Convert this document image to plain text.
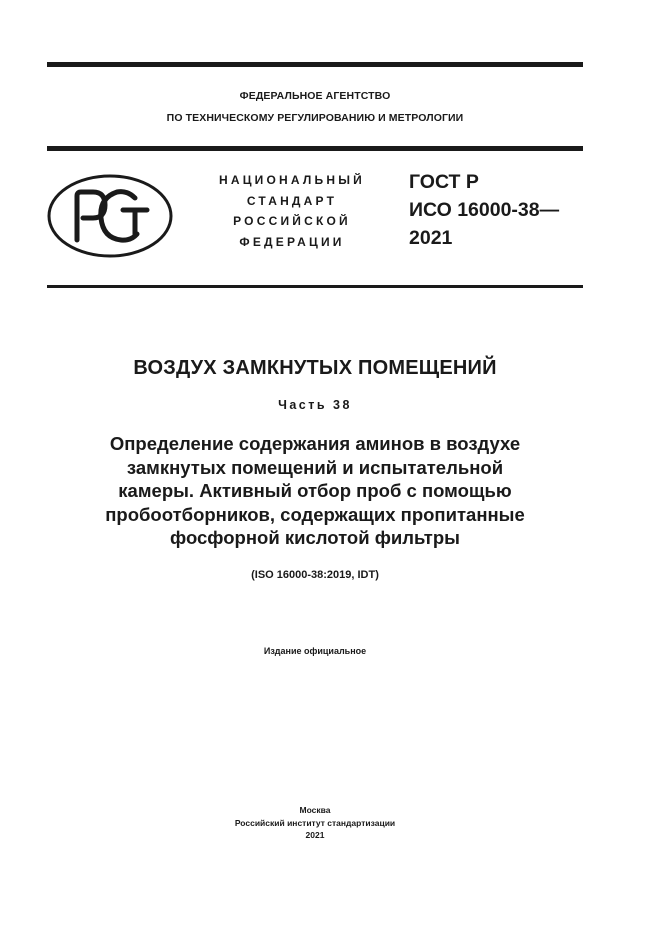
ФЕДЕРАЛЬНОЕ АГЕНТСТВО
ПО ТЕХНИЧЕСКОМУ РЕГУЛИРОВАНИЮ И МЕТРОЛОГИИ
НАЦИОНАЛЬНЫЙ
СТАНДАРТ
РОССИЙСКОЙ
ФЕДЕРАЦИИ
ГОСТ Р
ИСО 16000-38—
2021
ВОЗДУХ ЗАМКНУТЫХ ПОМЕЩЕНИЙ
Часть 38
Определение содержания аминов в воздухе
замкнутых помещений и испытательной
камеры. Активный отбор проб с помощью
пробоотборников, содержащих пропитанные
фосфорной кислотой фильтры
(ISO 16000-38:2019, IDT)
Издание официальное
Москва
Российский институт стандартизации
2021
